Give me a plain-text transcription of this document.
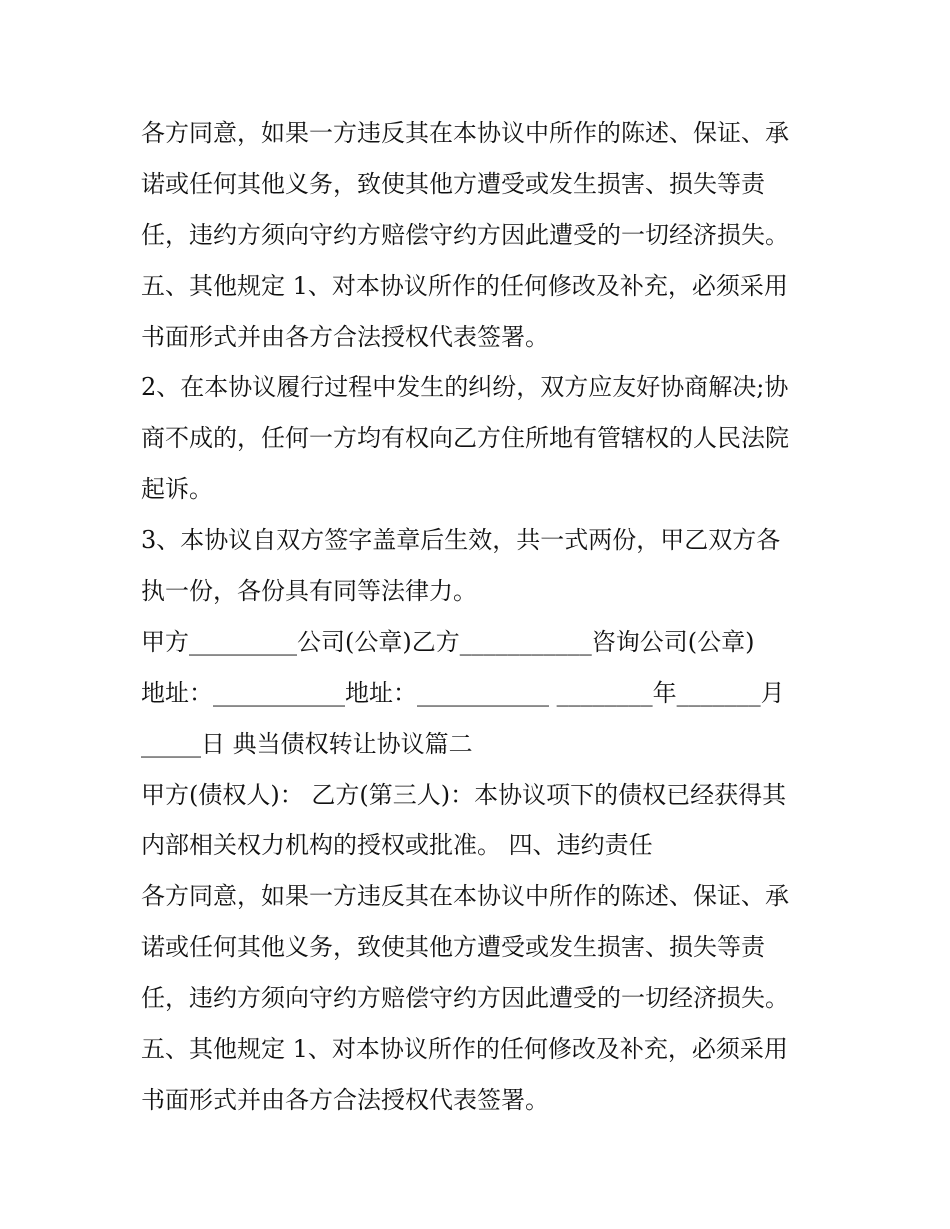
各方同意，如果一方违反其在本协议中所作的陈述、保证、承
诺或任何其他义务，致使其他方遭受或发生损害、损失等责
任，违约方须向守约方赔偿守约方因此遭受的一切经济损失。
五、其他规定 1、对本协议所作的任何修改及补充，必须采用
书面形式并由各方合法授权代表签署。
2、在本协议履行过程中发生的纠纷，双方应友好协商解决;协
商不成的，任何一方均有权向乙方住所地有管辖权的人民法院
起诉。
3、本协议自双方签字盖章后生效，共一式两份，甲乙双方各
执一份，各份具有同等法律力。
甲方_________公司(公章)乙方___________咨询公司(公章)
地址：___________地址：___________ ________年_______月
_____日 典当债权转让协议篇二
甲方(债权人)： 乙方(第三人)：本协议项下的债权已经获得其
内部相关权力机构的授权或批准。 四、违约责任
各方同意，如果一方违反其在本协议中所作的陈述、保证、承
诺或任何其他义务，致使其他方遭受或发生损害、损失等责
任，违约方须向守约方赔偿守约方因此遭受的一切经济损失。
五、其他规定 1、对本协议所作的任何修改及补充，必须采用
书面形式并由各方合法授权代表签署。
